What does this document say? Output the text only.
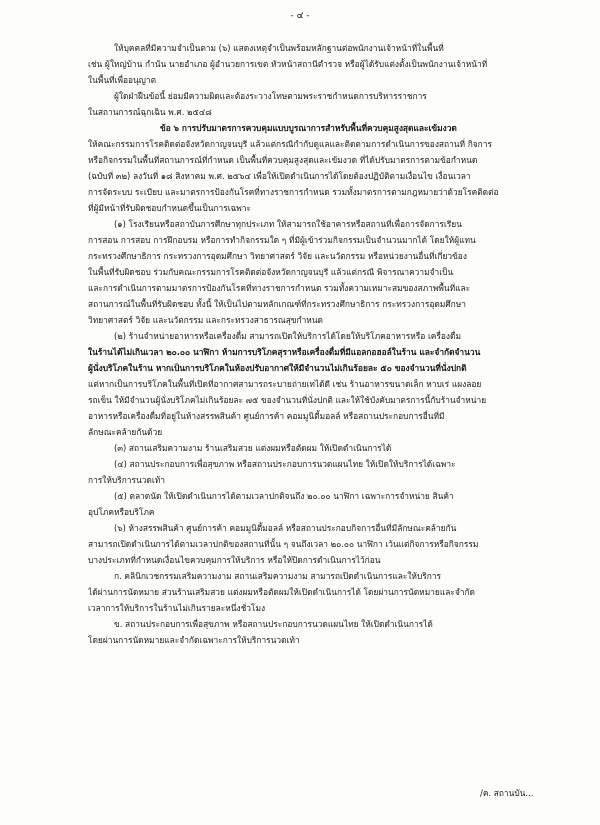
- ๔ -
ให้บุคคลที่มีความจำเป็นตาม (๖) แสดงเหตุจำเป็นพร้อมหลักฐานต่อพนักงานเจ้าหน้าที่ในพื้นที่
เช่น ผู้ใหญ่บ้าน กำนัน นายอำเภอ ผู้อำนวยการเขต หัวหน้าสถานีตำรวจ หรือผู้ได้รับแต่งตั้งเป็นพนักงานเจ้าหน้าที่
ในพื้นที่เพื่ออนุญาต
ผู้ใดฝ่าฝืนข้อนี้ ย่อมมีความผิดและต้องระวางโทษตามพระราชกำหนดการบริหารราชการ
ในสถานการณ์ฉุกเฉิน พ.ศ. ๒๕๔๘
ข้อ ๖ การปรับมาตรการควบคุมแบบบูรณาการสำหรับพื้นที่ควบคุมสูงสุดและเข้มงวด
ให้คณะกรรมการโรคติดต่อจังหวัดกาญจนบุรี แล้วแต่กรณีกำกับดูแลและติดตามการดำเนินการของสถานที่ กิจการ
หรือกิจกรรมในพื้นที่สถานการณ์ที่กำหนด เป็นพื้นที่ควบคุมสูงสุดและเข้มงวด ที่ได้ปรับมาตรการตามข้อกำหนด
(ฉบับที่ ๓๒) ลงวันที่ ๑๘ สิงหาคม พ.ศ. ๒๕๖๔ เพื่อให้เปิดดำเนินการได้โดยต้องปฏิบัติตามเงื่อนไข เงื่อนเวลา
การจัดระบบ ระเบียบ และมาตรการป้องกันโรคที่ทางราชการกำหนด รวมทั้งมาตรการตามกฎหมายว่าด้วยโรคติดต่อ
ที่ผู้มีหน้าที่รับผิดชอบกำหนดขึ้นเป็นการเฉพาะ
(๑) โรงเรียนหรือสถาบันการศึกษาทุกประเภท ให้สามารถใช้อาคารหรือสถานที่เพื่อการจัดการเรียน
การสอน การสอบ การฝึกอบรม หรือการทำกิจกรรมใด ๆ ที่มีผู้เข้าร่วมกิจกรรมเป็นจำนวนมากได้ โดยให้ผู้แทน
กระทรวงศึกษาธิการ กระทรวงการอุดมศึกษา วิทยาศาสตร์ วิจัย และนวัตกรรม หรือหน่วยงานอื่นที่เกี่ยวข้อง
ในพื้นที่รับผิดชอบ ร่วมกับคณะกรรมการโรคติดต่อจังหวัดกาญจนบุรี แล้วแต่กรณี พิจารณาความจำเป็น
และการดำเนินการตามมาตรการป้องกันโรคที่ทางราชการกำหนด รวมทั้งความเหมาะสมของสภาพพื้นที่และ
สถานการณ์ในพื้นที่รับผิดชอบ ทั้งนี้ ให้เป็นไปตามหลักเกณฑ์ที่กระทรวงศึกษาธิการ กระทรวงการอุดมศึกษา
วิทยาศาสตร์ วิจัย และนวัตกรรม และกระทรวงสาธารณสุขกำหนด
(๒) ร้านจำหน่ายอาหารหรือเครื่องดื่ม สามารถเปิดให้บริการได้โดยให้บริโภคอาหารหรือ เครื่องดื่ม
ในร้านได้ไม่เกินเวลา ๒๐.๐๐ นาฬิกา ห้ามการบริโภคสุราหรือเครื่องดื่มที่มีแอลกอฮอล์ในร้าน และจำกัดจำนวน
ผู้นั่งบริโภคในร้าน หากเป็นการบริโภคในห้องปรับอากาศให้มีจำนวนไม่เกินร้อยละ ๕๐ ของจำนวนที่นั่งปกติ
แต่หากเป็นการบริโภคในพื้นที่เปิดที่อากาศสามารถระบายถ่ายเทได้ดี เช่น ร้านอาหารขนาดเล็ก หาบเร่ แผงลอย
รถเข็น ให้มีจำนวนผู้นั่งบริโภคไม่เกินร้อยละ ๗๕ ของจำนวนที่นั่งปกติ และให้ใช้บังคับมาตรการนี้กับร้านจำหน่าย
อาหารหรือเครื่องดื่มที่อยู่ในห้างสรรพสินค้า ศูนย์การค้า คอมมูนิตี้มอลล์ หรือสถานประกอบการอื่นที่มี
ลักษณะคล้ายกันด้วย
(๓) สถานเสริมความงาม ร้านเสริมสวย แต่งผมหรือตัดผม ให้เปิดดำเนินการได้
(๔) สถานประกอบการเพื่อสุขภาพ หรือสถานประกอบการนวดแผนไทย ให้เปิดให้บริการได้เฉพาะ
การให้บริการนวดเท้า
(๕) ตลาดนัด ให้เปิดดำเนินการได้ตามเวลาปกติจนถึง ๒๐.๐๐ นาฬิกา เฉพาะการจำหน่าย สินค้า
อุปโภคหรือบริโภค
(๖) ห้างสรรพสินค้า ศูนย์การค้า คอมมูนิตี้มอลล์ หรือสถานประกอบกิจการอื่นที่มีลักษณะคล้ายกัน
สามารถเปิดดำเนินการได้ตามเวลาปกติของสถานที่นั้น ๆ จนถึงเวลา ๒๐.๐๐ นาฬิกา เว้นแต่กิจการหรือกิจกรรม
บางประเภทที่กำหนดเงื่อนไขควบคุมการให้บริการ หรือให้ปิดการดำเนินการไว้ก่อน
ก. คลินิกเวชกรรมเสริมความงาม สถานเสริมความงาม สามารถเปิดดำเนินการและให้บริการ
ได้ผ่านการนัดหมาย ส่วนร้านเสริมสวย แต่งผมหรือตัดผมให้เปิดดำเนินการได้ โดยผ่านการนัดหมายและจำกัด
เวลาการให้บริการในร้านไม่เกินรายละหนึ่งชั่วโมง
ข. สถานประกอบการเพื่อสุขภาพ หรือสถานประกอบการนวดแผนไทย ให้เปิดดำเนินการได้
โดยผ่านการนัดหมายและจำกัดเฉพาะการให้บริการนวดเท้า
/ค. สถานบัน...
